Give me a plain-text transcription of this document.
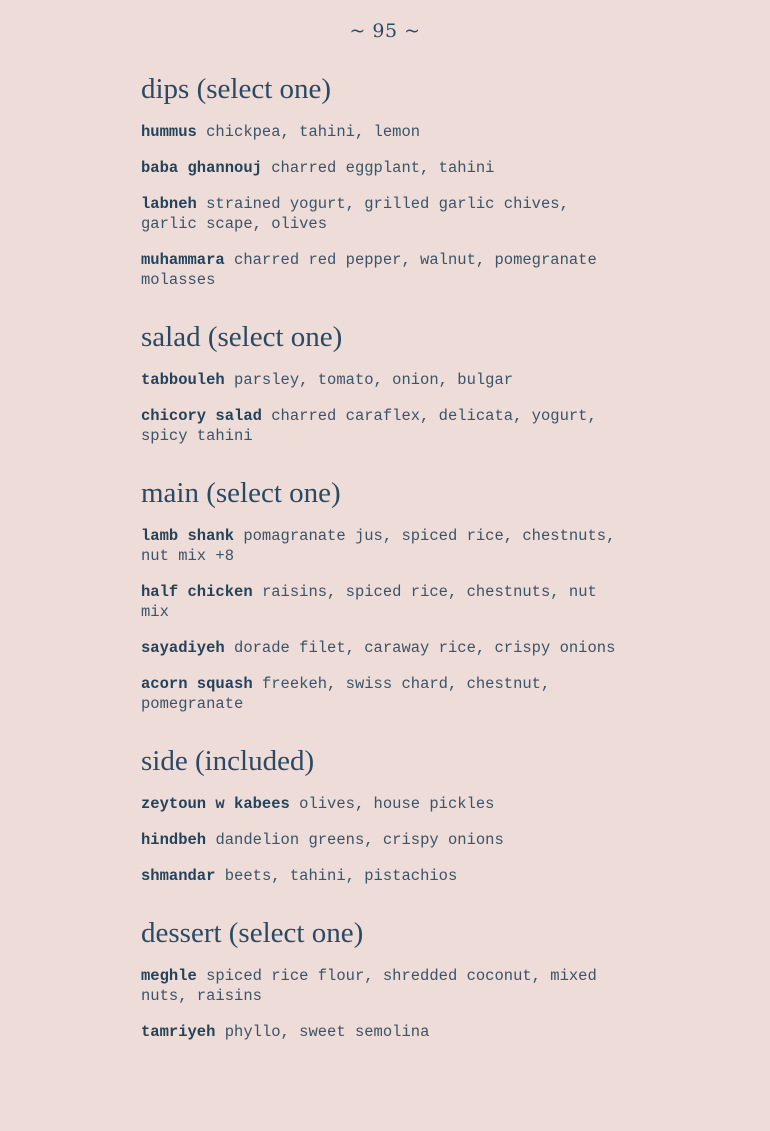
~ 95 ~
dips (select one)

hummus chickpea, tahini, lemon

baba ghannouj charred eggplant, tahini

labneh strained yogurt, grilled garlic chives, garlic scape, olives

muhammara charred red pepper, walnut, pomegranate molasses

salad (select one)

tabbouleh parsley, tomato, onion, bulgar

chicory salad charred caraflex, delicata, yogurt, spicy tahini

main (select one)

lamb shank pomagranate jus, spiced rice, chestnuts, nut mix +8

half chicken raisins, spiced rice, chestnuts, nut mix

sayadiyeh dorade filet, caraway rice, crispy onions

acorn squash freekeh, swiss chard, chestnut, pomegranate

side (included)

zeytoun w kabees olives, house pickles

hindbeh dandelion greens, crispy onions

shmandar beets, tahini, pistachios

dessert (select one)

meghle spiced rice flour, shredded coconut, mixed nuts, raisins

tamriyeh phyllo, sweet semolina
